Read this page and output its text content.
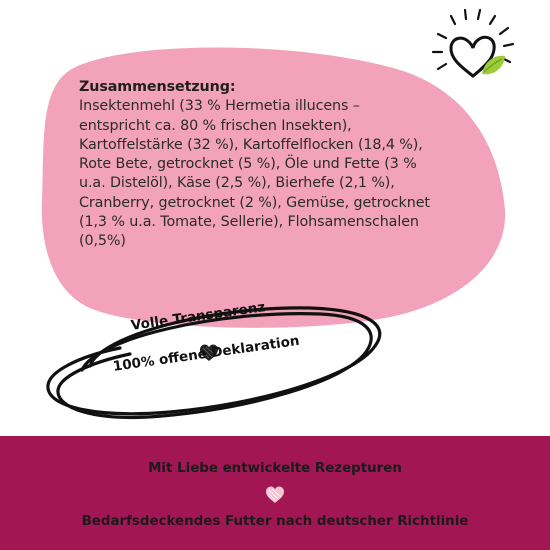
Zusammensetzung:
Insektenmehl (33 % Hermetia illucens –
entspricht ca. 80 % frischen Insekten),
Kartoffelstärke (32 %), Kartoffelflocken (18,4 %),
Rote Bete, getrocknet (5 %), Öle und Fette (3 %
u.a. Distelöl), Käse (2,5 %), Bierhefe (2,1 %),
Cranberry, getrocknet (2 %), Gemüse, getrocknet
(1,3 % u.a. Tomate, Sellerie), Flohsamenschalen
(0,5%)
Volle Transparenz
100% offene Deklaration
Mit Liebe entwickelte Rezepturen
Bedarfsdeckendes Futter nach deutscher Richtlinie
